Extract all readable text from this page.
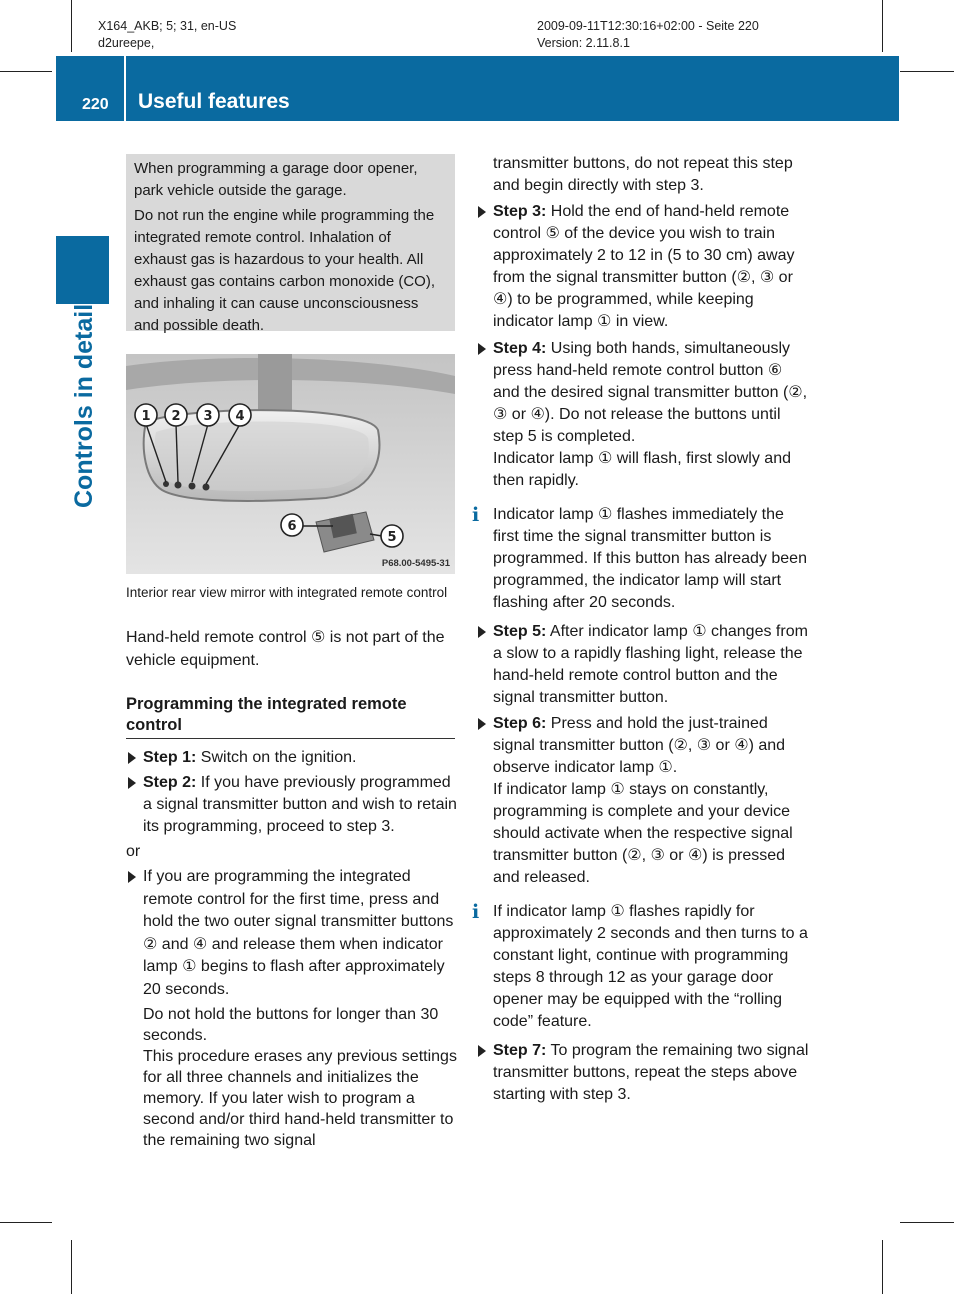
X164_AKB; 5; 31, en-US
d2ureepe,
2009-09-11T12:30:16+02:00 - Seite 220
Version: 2.11.8.1
220 Useful features
Controls in detail

When programming a garage door opener, park vehicle outside the garage.

Do not run the engine while programming the integrated remote control. Inhalation of exhaust gas is hazardous to your health. All exhaust gas contains carbon monoxide (CO), and inhaling it can cause unconsciousness and possible death.

1 2 3 4
6
5
P68.00-5495-31
Interior rear view mirror with integrated remote control

Hand-held remote control ⑤ is not part of the vehicle equipment.

Programming the integrated remote control
Step 1: Switch on the ignition.
Step 2: If you have previously programmed a signal transmitter button and wish to retain its programming, proceed to step 3.

or

If you are programming the integrated remote control for the first time, press and hold the two outer signal transmitter buttons ② and ④ and release them when indicator lamp ① begins to flash after approximately 20 seconds.

Do not hold the buttons for longer than 30 seconds.

This procedure erases any previous settings for all three channels and initializes the memory. If you later wish to program a second and/or third hand-held transmitter to the remaining two signal

transmitter buttons, do not repeat this step and begin directly with step 3.

Step 3: Hold the end of hand-held remote control ⑤ of the device you wish to train approximately 2 to 12 in (5 to 30 cm) away from the signal transmitter button (②, ③ or ④) to be programmed, while keeping indicator lamp ① in view.
Step 4: Using both hands, simultaneously press hand-held remote control button ⑥ and the desired signal transmitter button (②, ③ or ④). Do not release the buttons until step 5 is completed.

Indicator lamp ① will flash, first slowly and then rapidly.

i Indicator lamp ① flashes immediately the first time the signal transmitter button is programmed. If this button has already been programmed, the indicator lamp will start flashing after 20 seconds.
Step 5: After indicator lamp ① changes from a slow to a rapidly flashing light, release the hand-held remote control button and the signal transmitter button.
Step 6: Press and hold the just-trained signal transmitter button (②, ③ or ④) and observe indicator lamp ①.

If indicator lamp ① stays on constantly, programming is complete and your device should activate when the respective signal transmitter button (②, ③ or ④) is pressed and released.

i If indicator lamp ① flashes rapidly for approximately 2 seconds and then turns to a constant light, continue with programming steps 8 through 12 as your garage door opener may be equipped with the “rolling code” feature.
Step 7: To program the remaining two signal transmitter buttons, repeat the steps above starting with step 3.
